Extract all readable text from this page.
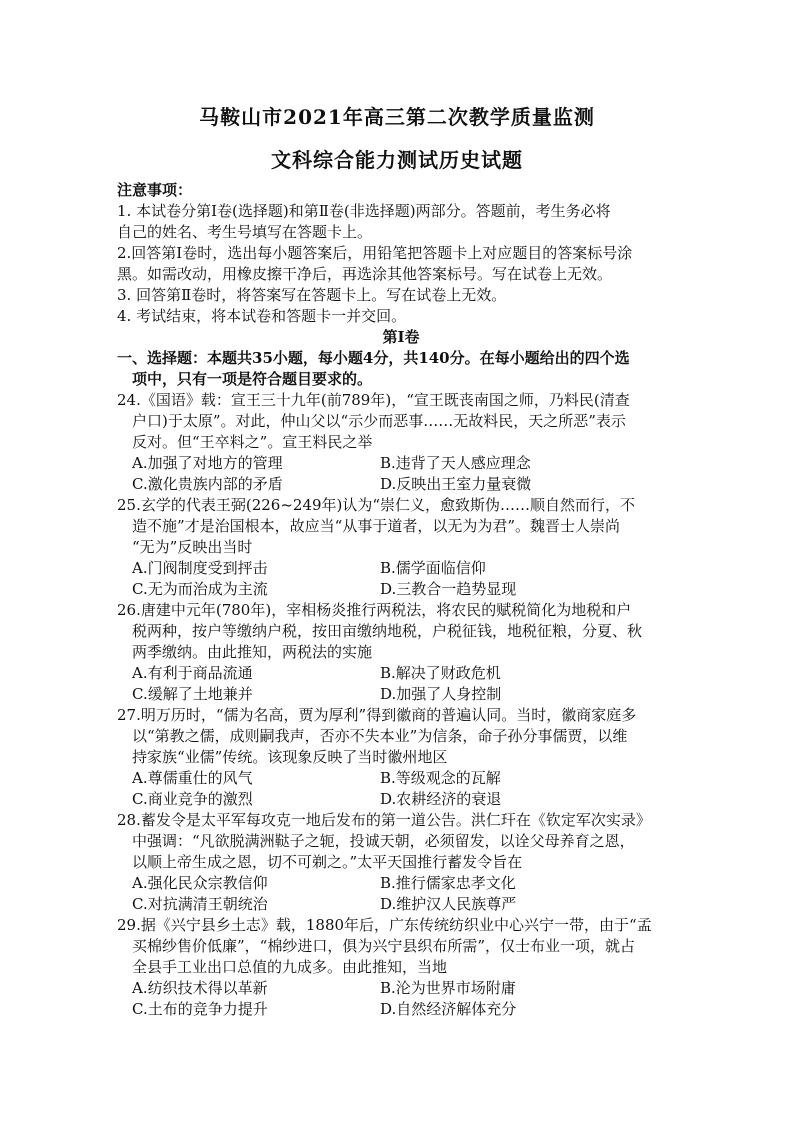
马鞍山市2021年高三第二次教学质量监测
文科综合能力测试历史试题
注意事项：
1. 本试卷分第Ⅰ卷(选择题)和第Ⅱ卷(非选择题)两部分。答题前，考生务必将
自己的姓名、考生号填写在答题卡上。
2.回答第Ⅰ卷时，选出每小题答案后，用铅笔把答题卡上对应题目的答案标号涂
黑。如需改动，用橡皮擦干净后，再选涂其他答案标号。写在试卷上无效。
3. 回答第Ⅱ卷时，将答案写在答题卡上。写在试卷上无效。
4. 考试结束，将本试卷和答题卡一并交回。
第Ⅰ卷
一、选择题：本题共35小题，每小题4分，共140分。在每小题给出的四个选
项中，只有一项是符合题目要求的。
24.《国语》载：宣王三十九年(前789年)，“宣王既丧南国之师，乃料民(清查
户口)于太原”。对此，仲山父以“示少而恶事……无故料民，天之所恶”表示
反对。但“王卒料之”。宣王料民之举
A.加强了对地方的管理	B.违背了天人感应理念
C.激化贵族内部的矛盾	D.反映出王室力量衰微
25.玄学的代表王弼(226~249年)认为“崇仁义，愈致斯伪……顺自然而行，不
造不施”才是治国根本，故应当“从事于道者，以无为为君”。魏晋士人崇尚
“无为”反映出当时
A.门阀制度受到抨击	B.儒学面临信仰
C.无为而治成为主流	D.三教合一趋势显现
26.唐建中元年(780年)，宰相杨炎推行两税法，将农民的赋税简化为地税和户
税两种，按户等缴纳户税，按田亩缴纳地税，户税征钱，地税征粮，分夏、秋
两季缴纳。由此推知，两税法的实施
A.有利于商品流通	B.解决了财政危机
C.缓解了土地兼并	D.加强了人身控制
27.明万历时，“儒为名高，贾为厚利”得到徽商的普遍认同。当时，徽商家庭多
以“第教之儒，成则嗣我声，否亦不失本业”为信条，命子孙分事儒贾，以维
持家族“业儒”传统。该现象反映了当时徽州地区
A.尊儒重仕的风气	B.等级观念的瓦解
C.商业竞争的激烈	D.农耕经济的衰退
28.蓄发令是太平军每攻克一地后发布的第一道公告。洪仁玕在《钦定军次实录》
中强调：“凡欲脱满洲鞑子之轭，投诚天朝，必须留发，以诠父母养育之恩，
以顺上帝生成之恩，切不可剃之。”太平天国推行蓄发令旨在
A.强化民众宗教信仰	B.推行儒家忠孝文化
C.对抗满清王朝统治	D.维护汉人民族尊严
29.据《兴宁县乡土志》载，1880年后，广东传统纺织业中心兴宁一带，由于“孟
买棉纱售价低廉”，“棉纱进口，俱为兴宁县织布所需”，仅士布业一项，就占
全县手工业出口总值的九成多。由此推知，当地
A.纺织技术得以革新	B.沦为世界市场附庸
C.土布的竞争力提升	D.自然经济解体充分
